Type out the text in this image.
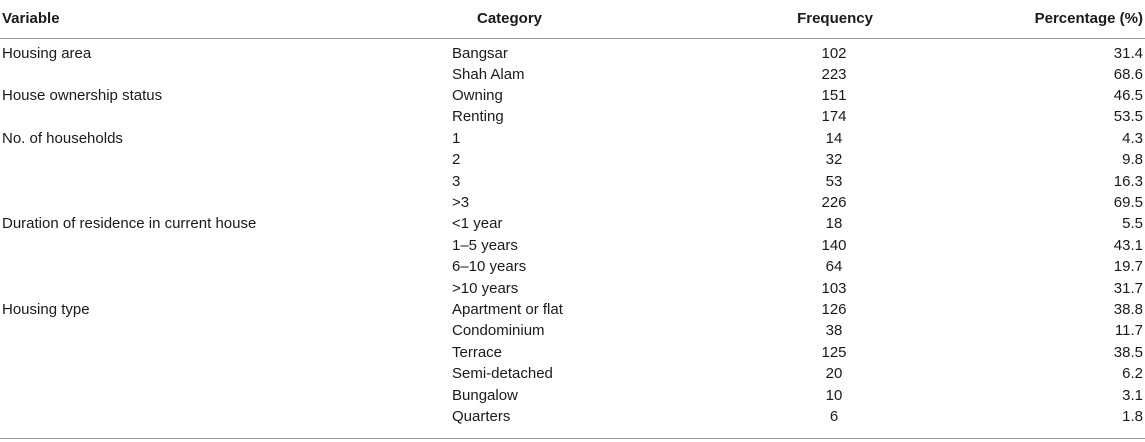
Variable	Category	Frequency	Percentage (%)
Housing area	Bangsar	102	31.4
	Shah Alam	223	68.6
House ownership status	Owning	151	46.5
	Renting	174	53.5
No. of households	1	14	4.3
	2	32	9.8
	3	53	16.3
	>3	226	69.5
Duration of residence in current house	<1 year	18	5.5
	1–5 years	140	43.1
	6–10 years	64	19.7
	>10 years	103	31.7
Housing type	Apartment or flat	126	38.8
	Condominium	38	11.7
	Terrace	125	38.5
	Semi-detached	20	6.2
	Bungalow	10	3.1
	Quarters	6	1.8
